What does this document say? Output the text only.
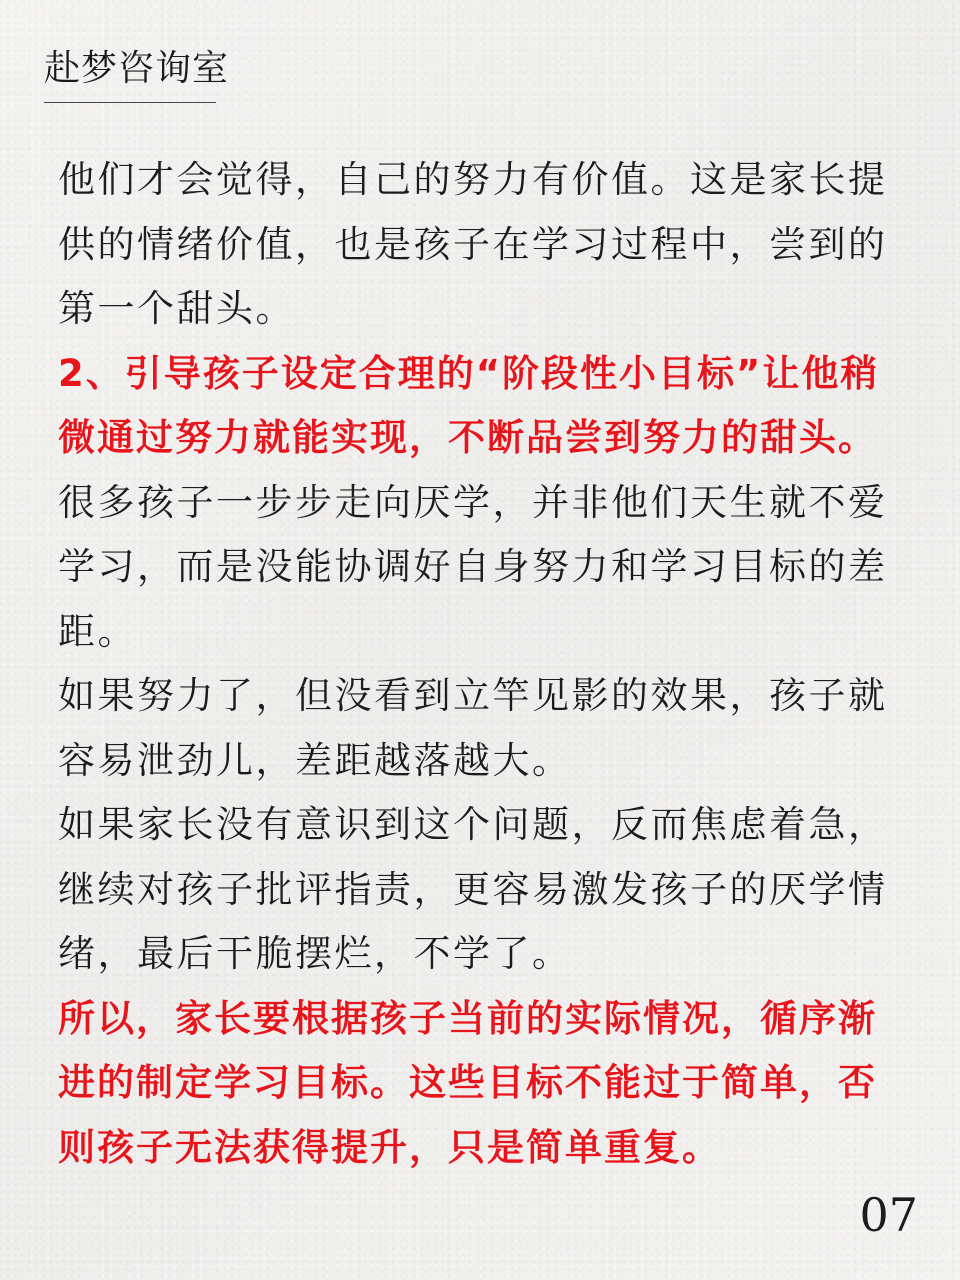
赴梦咨询室

他们才会觉得，自己的努力有价值。这是家长提供的情绪价值，也是孩子在学习过程中，尝到的第一个甜头。

2、引导孩子设定合理的“阶段性小目标”让他稍微通过努力就能实现，不断品尝到努力的甜头。

很多孩子一步步走向厌学，并非他们天生就不爱学习，而是没能协调好自身努力和学习目标的差距。

如果努力了，但没看到立竿见影的效果，孩子就容易泄劲儿，差距越落越大。

如果家长没有意识到这个问题，反而焦虑着急，继续对孩子批评指责，更容易激发孩子的厌学情绪，最后干脆摆烂，不学了。

所以，家长要根据孩子当前的实际情况，循序渐进的制定学习目标。这些目标不能过于简单，否则孩子无法获得提升，只是简单重复。

07
